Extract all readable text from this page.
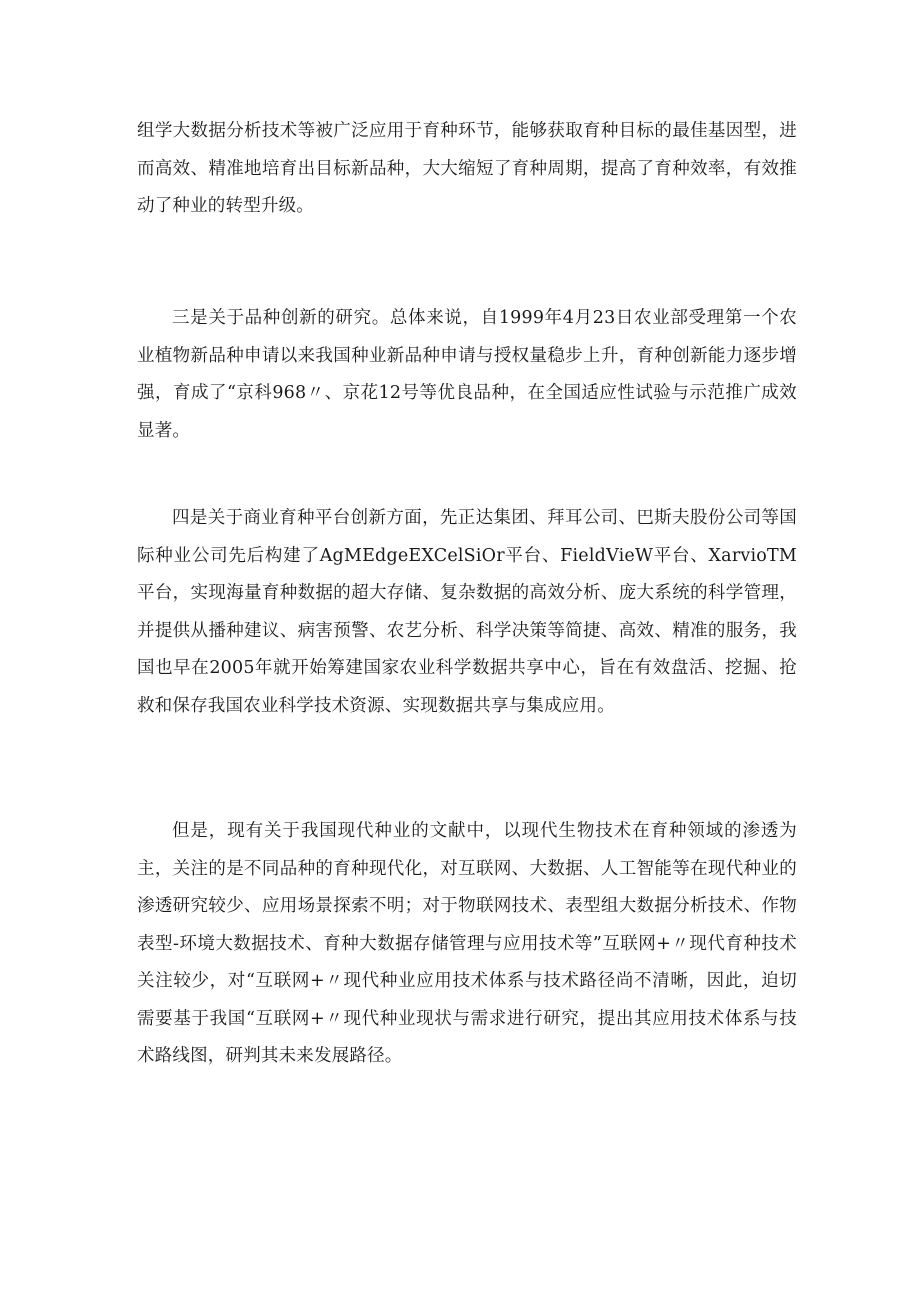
组学大数据分析技术等被广泛应用于育种环节，能够获取育种目标的最佳基因型，进而高效、精准地培育出目标新品种，大大缩短了育种周期，提高了育种效率，有效推动了种业的转型升级。

三是关于品种创新的研究。总体来说，自1999年4月23日农业部受理第一个农业植物新品种申请以来我国种业新品种申请与授权量稳步上升，育种创新能力逐步增强，育成了“京科968〃、京花12号等优良品种，在全国适应性试验与示范推广成效显著。

四是关于商业育种平台创新方面，先正达集团、拜耳公司、巴斯夫股份公司等国际种业公司先后构建了AgMEdgeEXCelSiOr平台、FieldVieW平台、XarvioTM平台，实现海量育种数据的超大存储、复杂数据的高效分析、庞大系统的科学管理，并提供从播种建议、病害预警、农艺分析、科学决策等简捷、高效、精准的服务，我国也早在2005年就开始筹建国家农业科学数据共享中心，旨在有效盘活、挖掘、抢救和保存我国农业科学技术资源、实现数据共享与集成应用。

但是，现有关于我国现代种业的文献中，以现代生物技术在育种领域的渗透为主，关注的是不同品种的育种现代化，对互联网、大数据、人工智能等在现代种业的渗透研究较少、应用场景探索不明；对于物联网技术、表型组大数据分析技术、作物表型-环境大数据技术、育种大数据存储管理与应用技术等”互联网+〃现代育种技术关注较少，对“互联网+〃现代种业应用技术体系与技术路径尚不清晰，因此，迫切需要基于我国“互联网+〃现代种业现状与需求进行研究，提出其应用技术体系与技术路线图，研判其未来发展路径。
